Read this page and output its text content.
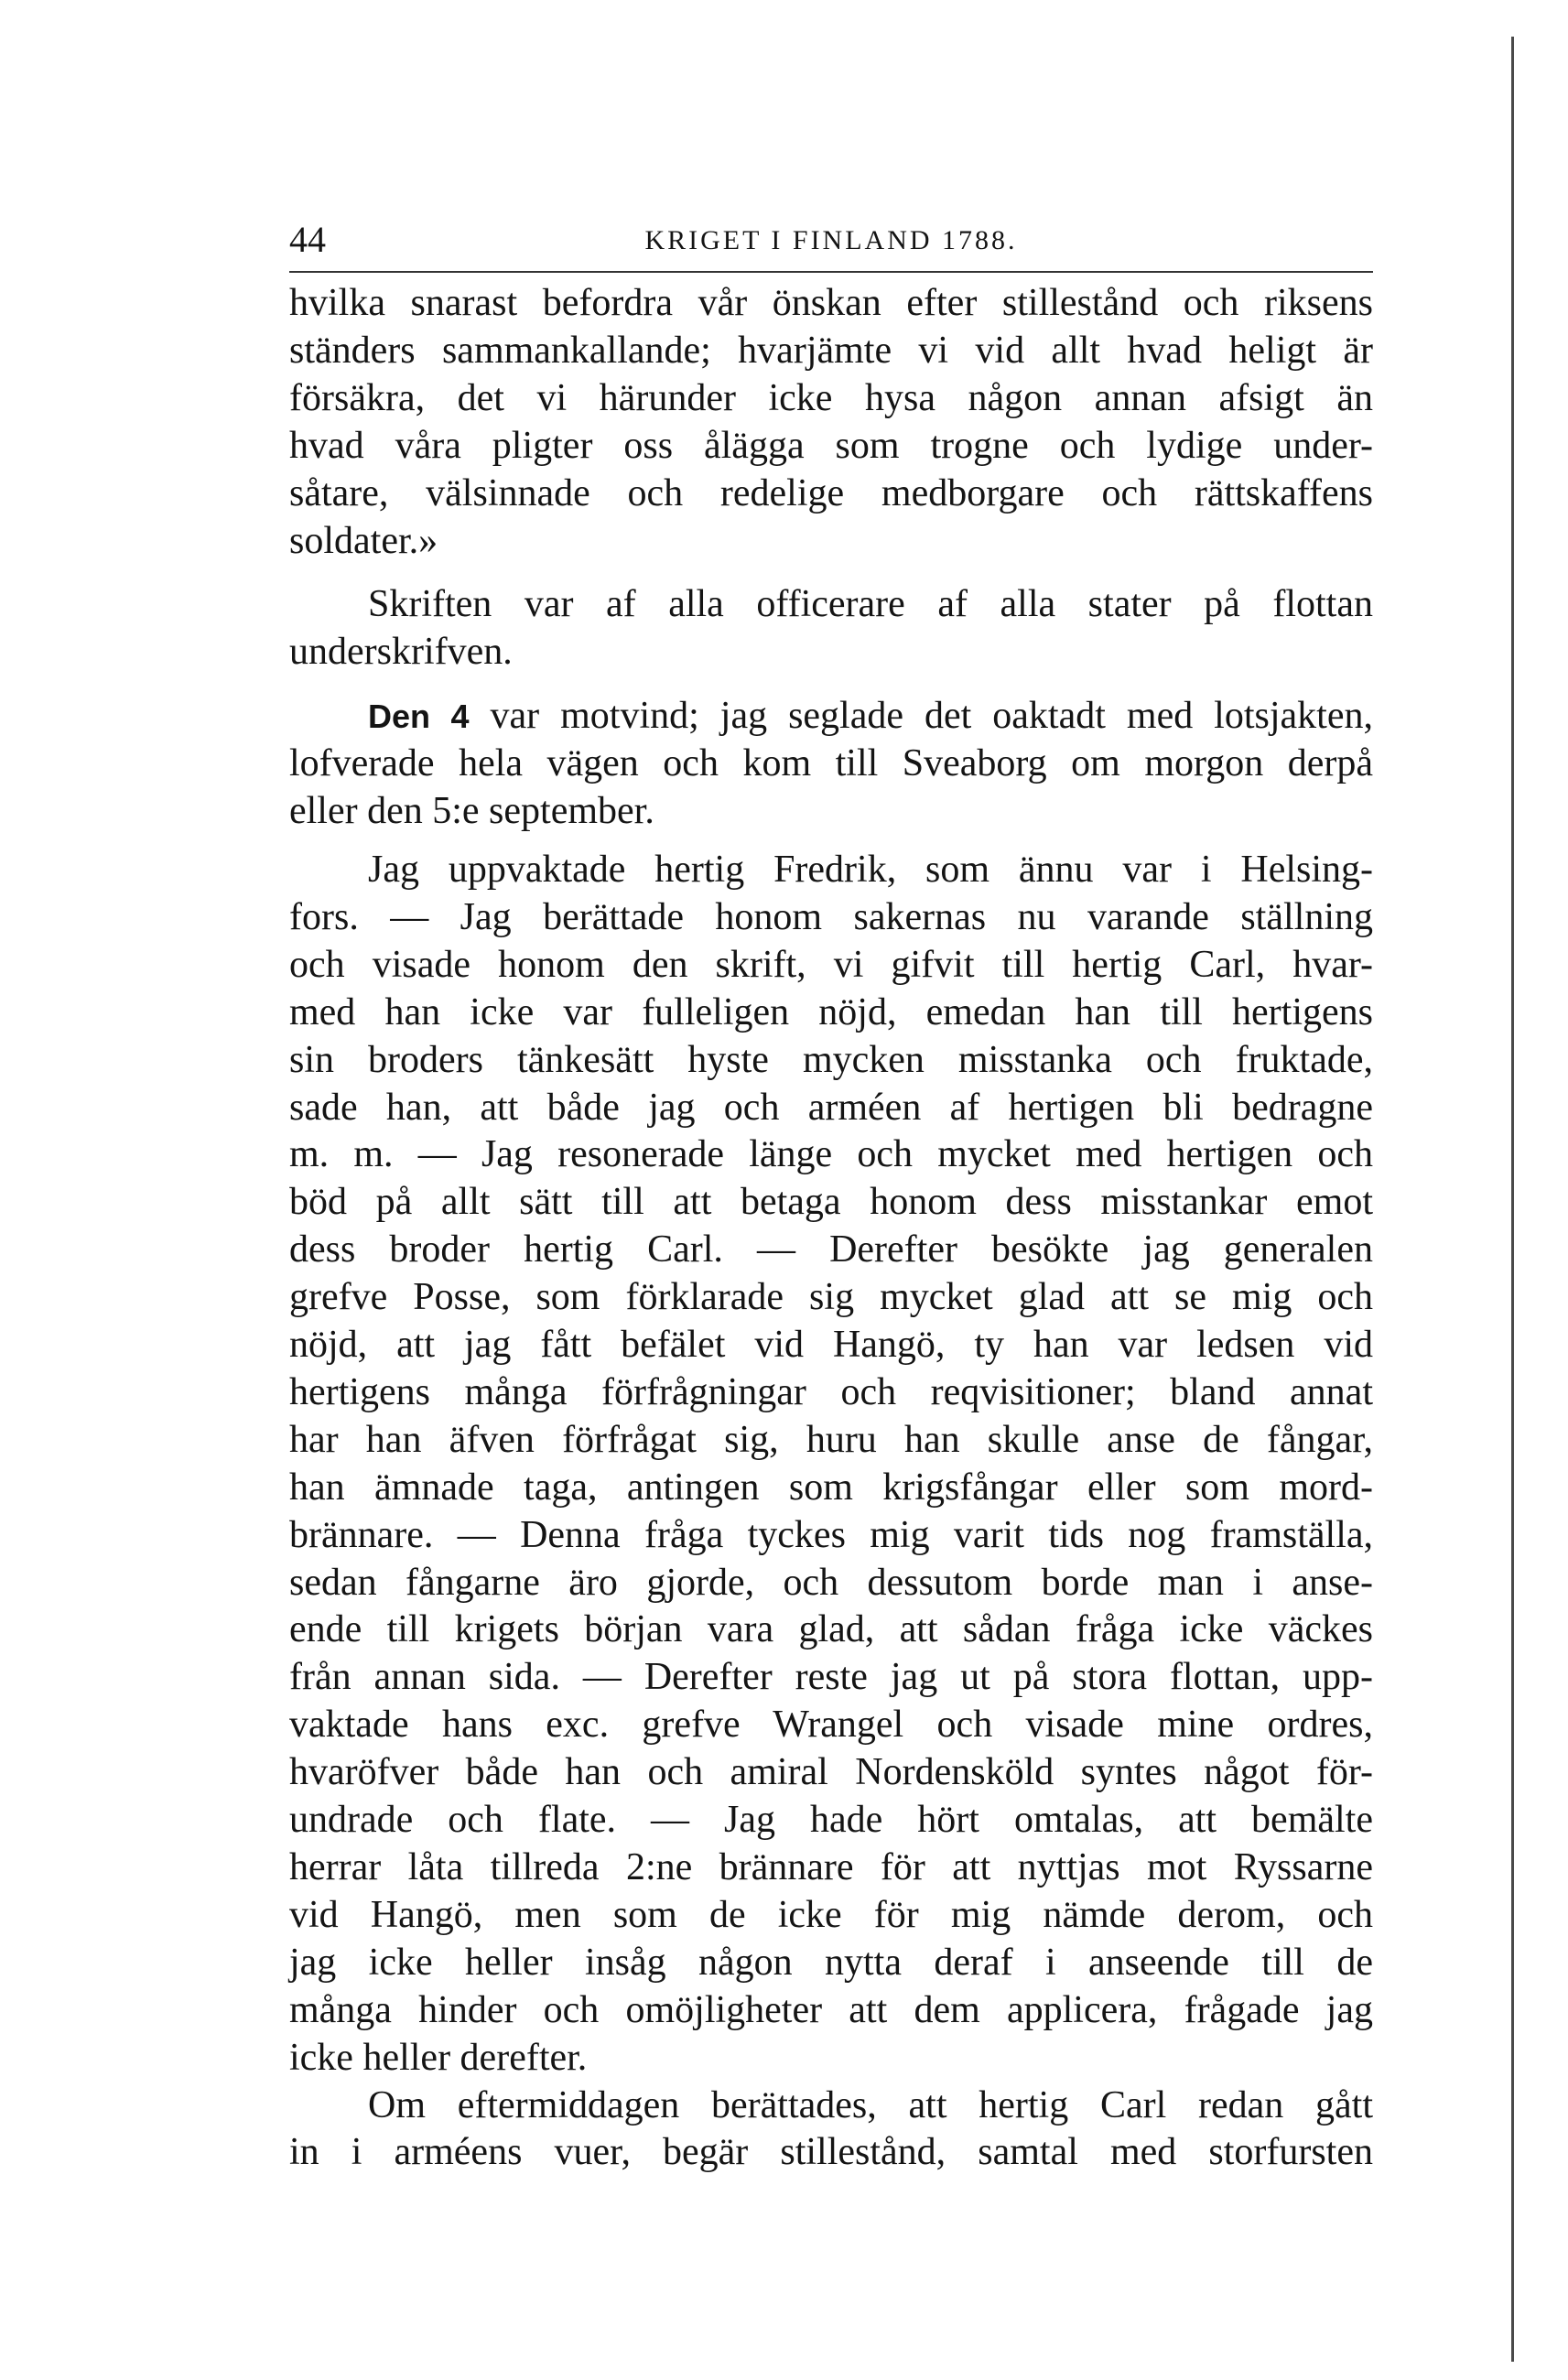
44	KRIGET I FINLAND 1788.

hvilka snarast befordra vår önskan efter stillestånd och riksens

ständers sammankallande; hvarjämte vi vid allt hvad heligt är

försäkra, det vi härunder icke hysa någon annan afsigt än

hvad våra pligter oss ålägga som trogne och lydige under-

såtare, välsinnade och redelige medborgare och rättskaffens

soldater.»

Skriften var af alla officerare af alla stater på flottan

underskrifven.

Den 4 var motvind; jag seglade det oaktadt med lotsjakten,

lofverade hela vägen och kom till Sveaborg om morgon derpå

eller den 5:e september.

Jag uppvaktade hertig Fredrik, som ännu var i Helsing-

fors. — Jag berättade honom sakernas nu varande ställning

och visade honom den skrift, vi gifvit till hertig Carl, hvar-

med han icke var fulleligen nöjd, emedan han till hertigens

sin broders tänkesätt hyste mycken misstanka och fruktade,

sade han, att både jag och arméen af hertigen bli bedragne

m. m. — Jag resonerade länge och mycket med hertigen och

böd på allt sätt till att betaga honom dess misstankar emot

dess broder hertig Carl. — Derefter besökte jag generalen

grefve Posse, som förklarade sig mycket glad att se mig och

nöjd, att jag fått befälet vid Hangö, ty han var ledsen vid

hertigens många förfrågningar och reqvisitioner; bland annat

har han äfven förfrågat sig, huru han skulle anse de fångar,

han ämnade taga, antingen som krigsfångar eller som mord-

brännare. — Denna fråga tyckes mig varit tids nog framställa,

sedan fångarne äro gjorde, och dessutom borde man i anse-

ende till krigets början vara glad, att sådan fråga icke väckes

från annan sida. — Derefter reste jag ut på stora flottan, upp-

vaktade hans exc. grefve Wrangel och visade mine ordres,

hvaröfver både han och amiral Nordensköld syntes något för-

undrade och flate. — Jag hade hört omtalas, att bemälte

herrar låta tillreda 2:ne brännare för att nyttjas mot Ryssarne

vid Hangö, men som de icke för mig nämde derom, och

jag icke heller insåg någon nytta deraf i anseende till de

många hinder och omöjligheter att dem applicera, frågade jag

icke heller derefter.

Om eftermiddagen berättades, att hertig Carl redan gått

in i arméens vuer, begär stillestånd, samtal med storfursten
